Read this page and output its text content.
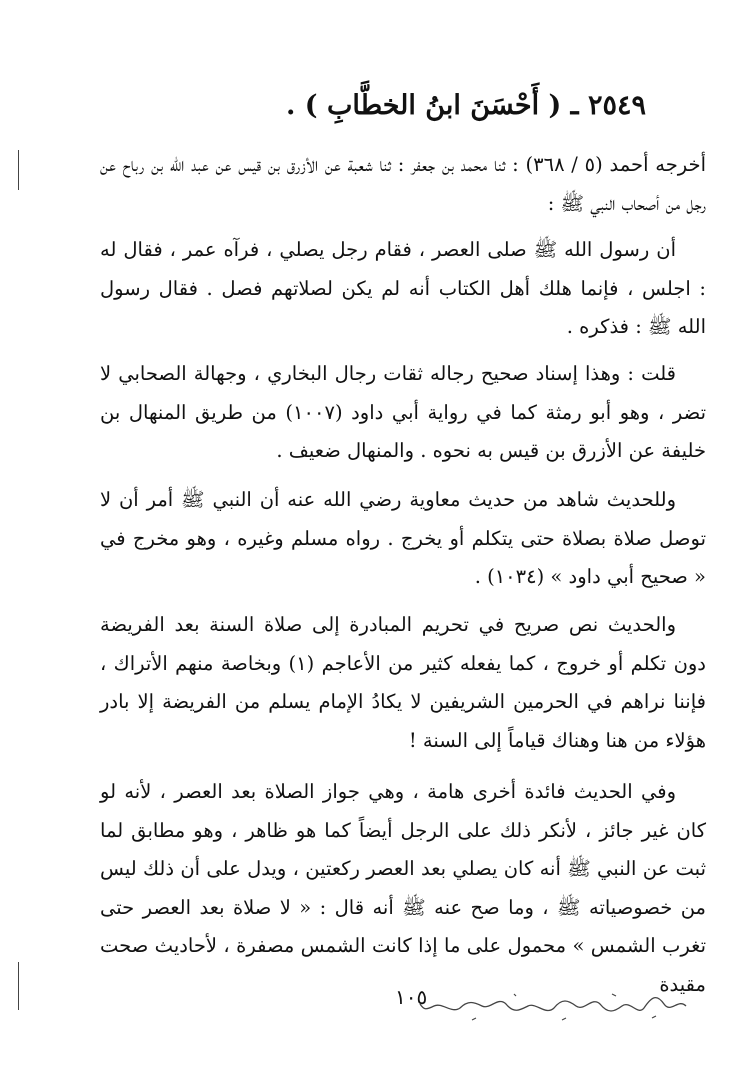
٢٥٤٩ ـ ( أَحْسَنَ ابنُ الخطَّابِ ) .
أخرجه أحمد (٥ / ٣٦٨) : ثنا محمد بن جعفر : ثنا شعبة عن الأزرق بن قيس عن عبد الله بن رباح عن رجل من أصحاب النبي ﷺ :
أن رسول الله ﷺ صلى العصر ، فقام رجل يصلي ، فرآه عمر ، فقال له : اجلس ، فإنما هلك أهل الكتاب أنه لم يكن لصلاتهم فصل . فقال رسول الله ﷺ : فذكره .
قلت : وهذا إسناد صحيح رجاله ثقات رجال البخاري ، وجهالة الصحابي لا تضر ، وهو أبو رمثة كما في رواية أبي داود (١٠٠٧) من طريق المنهال بن خليفة عن الأزرق بن قيس به نحوه . والمنهال ضعيف .
وللحديث شاهد من حديث معاوية رضي الله عنه أن النبي ﷺ أمر أن لا توصل صلاة بصلاة حتى يتكلم أو يخرج . رواه مسلم وغيره ، وهو مخرج في « صحيح أبي داود » (١٠٣٤) .
والحديث نص صريح في تحريم المبادرة إلى صلاة السنة بعد الفريضة دون تكلم أو خروج ، كما يفعله كثير من الأعاجم (١) وبخاصة منهم الأتراك ، فإننا نراهم في الحرمين الشريفين لا يكادُ الإمام يسلم من الفريضة إلا بادر هؤلاء من هنا وهناك قياماً إلى السنة !
وفي الحديث فائدة أخرى هامة ، وهي جواز الصلاة بعد العصر ، لأنه لو كان غير جائز ، لأنكر ذلك على الرجل أيضاً كما هو ظاهر ، وهو مطابق لما ثبت عن النبي ﷺ أنه كان يصلي بعد العصر ركعتين ، ويدل على أن ذلك ليس من خصوصياته ﷺ ، وما صح عنه ﷺ أنه قال : « لا صلاة بعد العصر حتى تغرب الشمس » محمول على ما إذا كانت الشمس مصفرة ، لأحاديث صحت مقيدة
١٠٥
